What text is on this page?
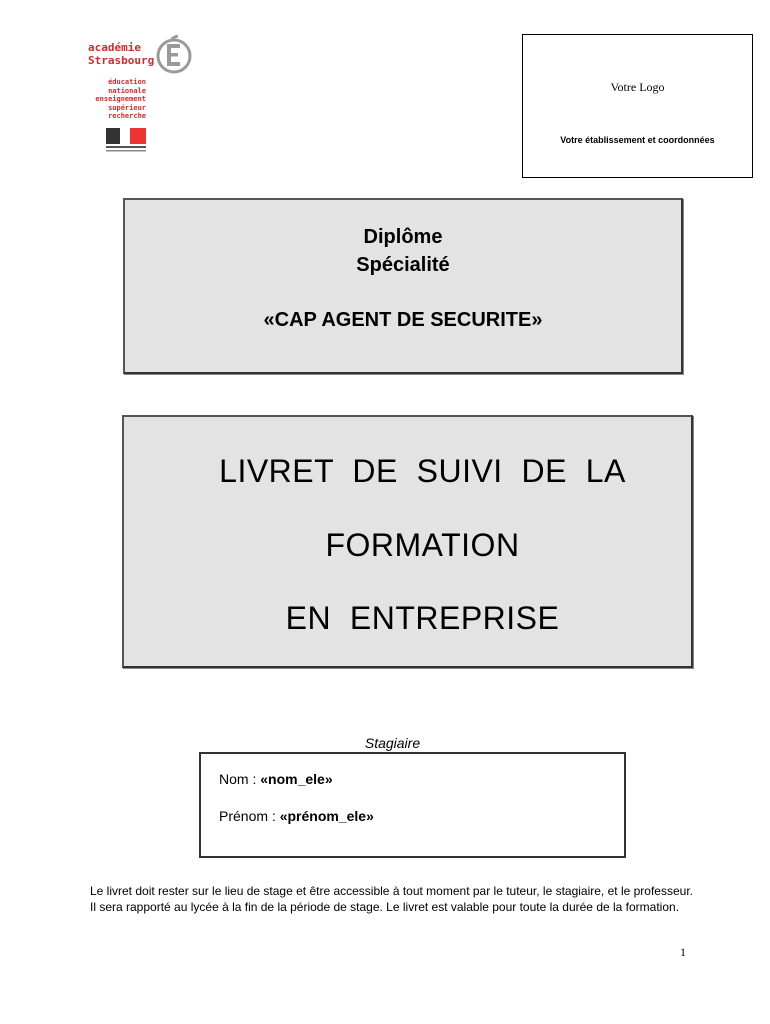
académie
Strasbourg
éducation
nationale
enseignement
supérieur
recherche
Votre Logo
Votre établissement et coordonnées
Diplôme
Spécialité
«CAP AGENT DE SECURITE»
LIVRET  DE  SUIVI  DE  LA
FORMATION
EN  ENTREPRISE
Stagiaire
Nom : «nom_ele»
Prénom : «prénom_ele»
Le livret doit rester sur le lieu de stage et être accessible à tout moment par le tuteur, le stagiaire, et le professeur. Il sera rapporté au lycée à la fin de la période de stage. Le livret est valable pour toute la durée de la formation.
1
